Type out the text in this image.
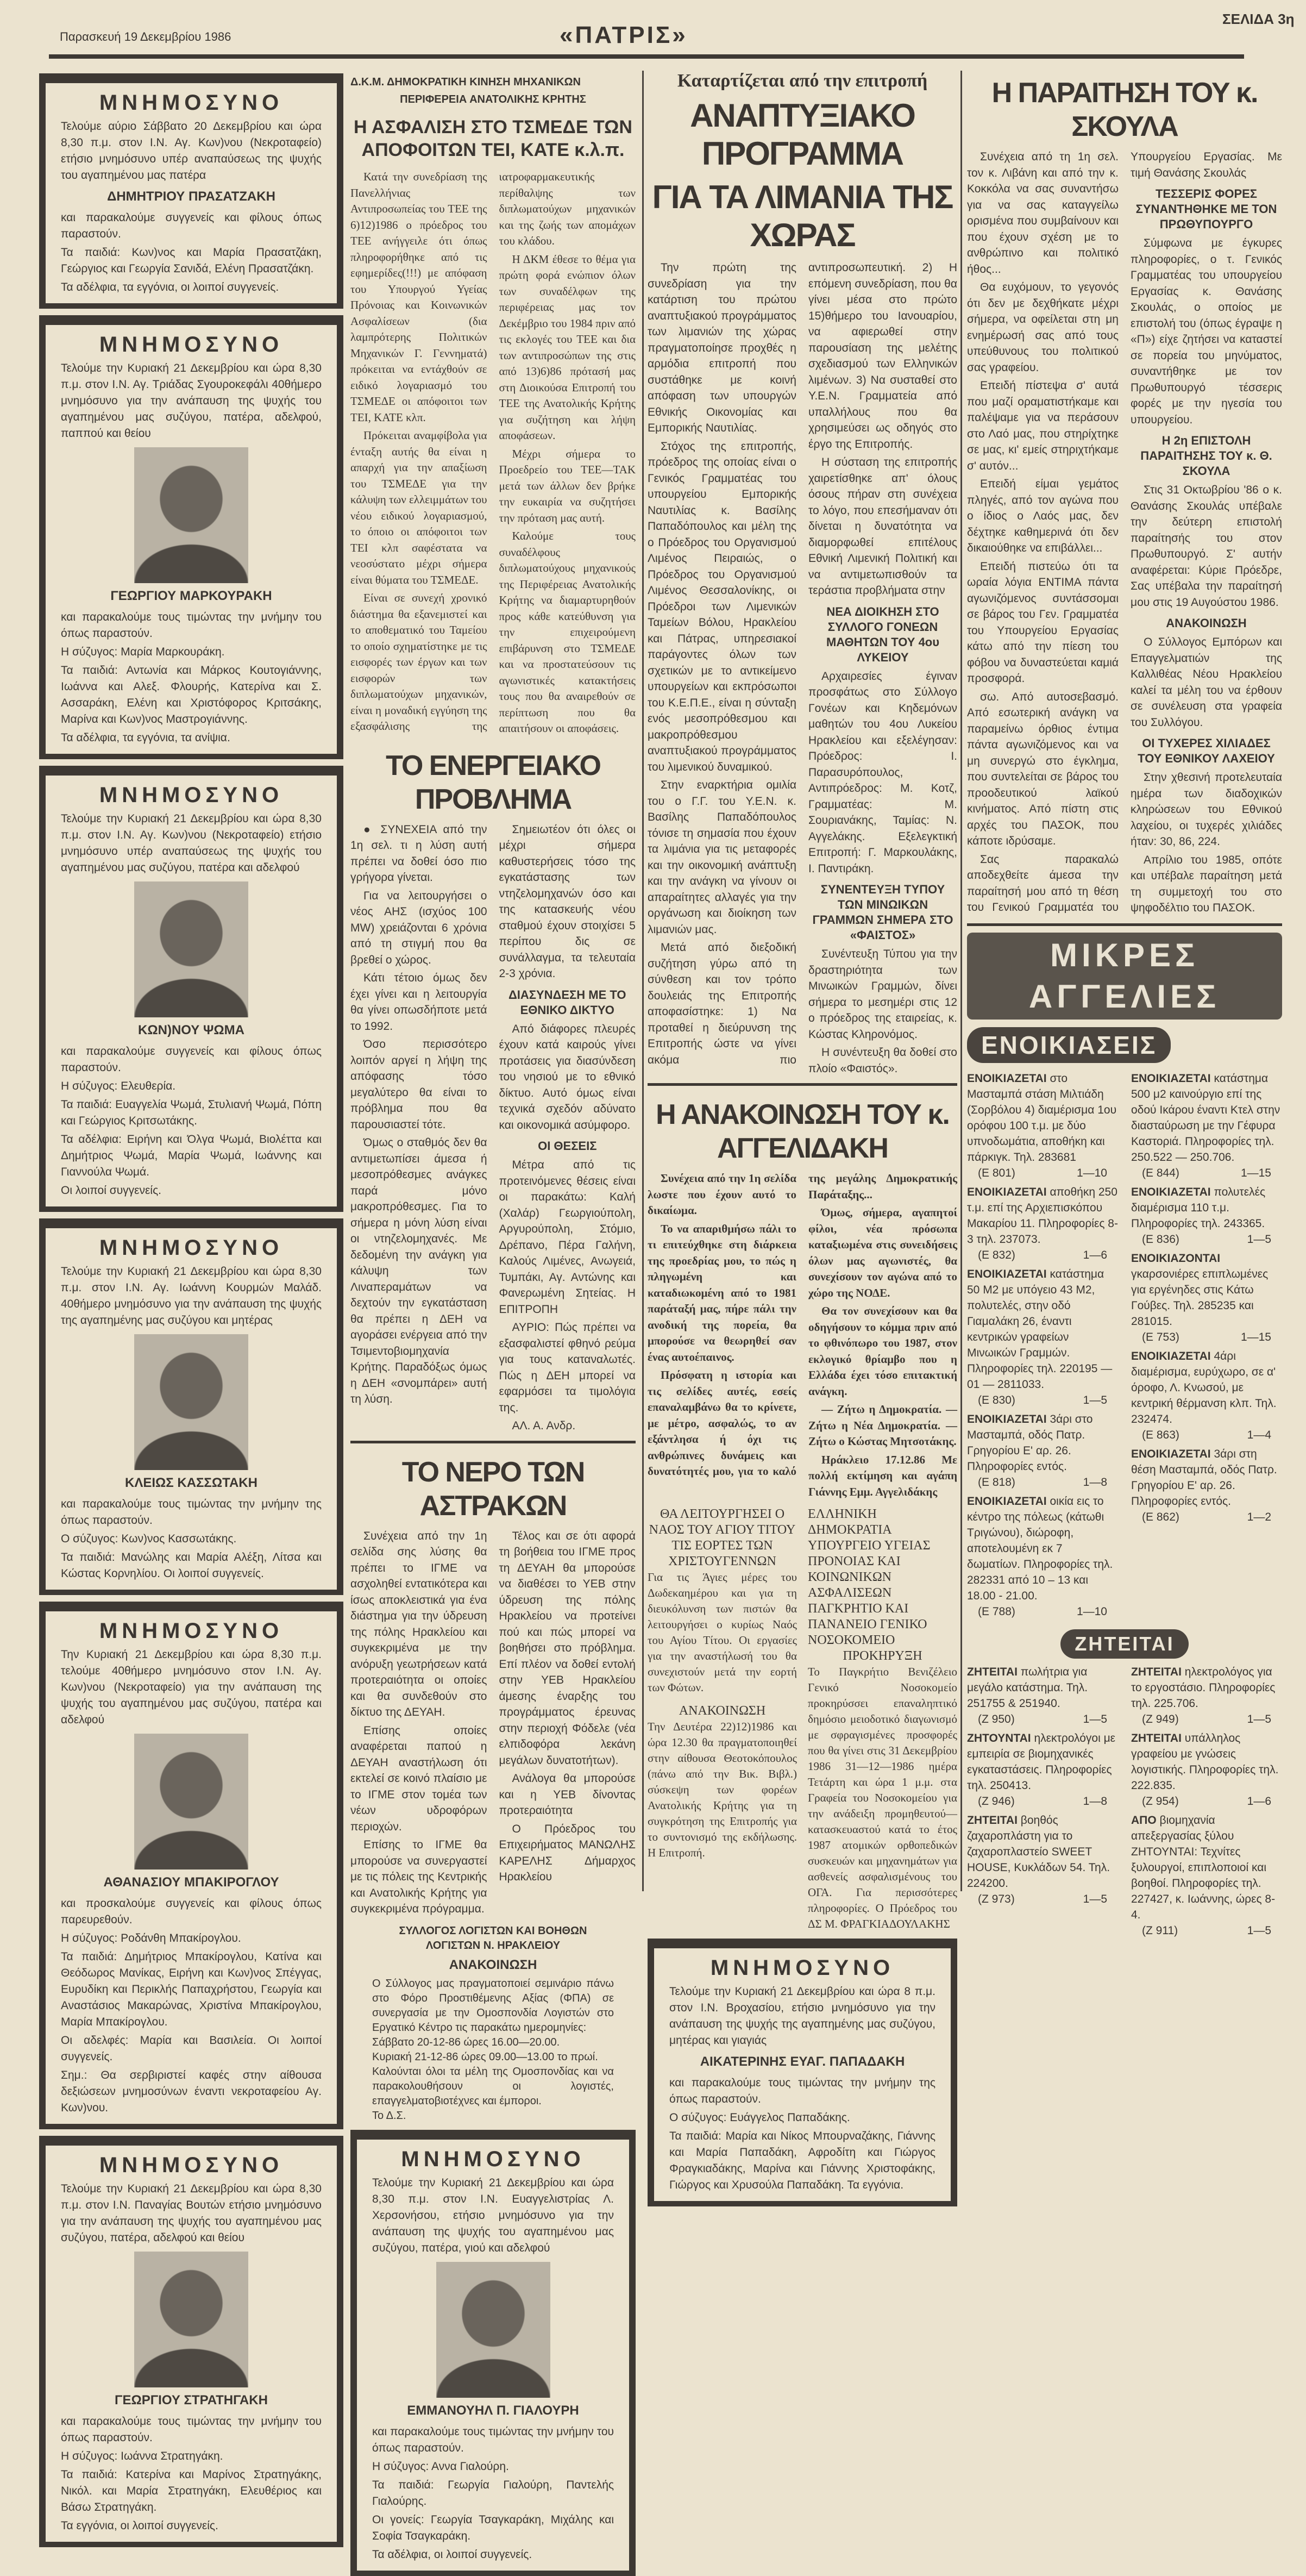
Παρασκευή 19 Δεκεμβρίου 1986	«ΠΑΤΡΙΣ»
ΣΕΛΙΔΑ 3η
ΜΝΗΜΟΣΥΝΟ

Τελούμε αύριο Σάββατο 20 Δεκεμβρίου και ώρα 8,30 π.μ. στον Ι.Ν. Αγ. Κων)νου (Νεκροταφείο) ετήσιο μνημόσυνο υπέρ αναπαύσεως της ψυχής του αγαπημένου μας πατέρα

ΔΗΜΗΤΡΙΟΥ ΠΡΑΣΑΤΖΑΚΗ

και παρακαλούμε συγγενείς και φίλους όπως παραστούν.

Τα παιδιά: Κων)νος και Μαρία Πρασατζάκη, Γεώργιος και Γεωργία Σανιδά, Ελένη Πρασατζάκη.

Τα αδέλφια, τα εγγόνια, οι λοιποί συγγενείς.

ΜΝΗΜΟΣΥΝΟ

Τελούμε την Κυριακή 21 Δεκεμβρίου και ώρα 8,30 π.μ. στον Ι.Ν. Αγ. Τριάδας Σγουροκεφάλι 40θήμερο μνημόσυνο για την ανάπαυση της ψυχής του αγαπημένου μας συζύγου, πατέρα, αδελφού, παππού και θείου

ΓΕΩΡΓΙΟΥ ΜΑΡΚΟΥΡΑΚΗ

και παρακαλούμε τους τιμώντας την μνήμην του όπως παραστούν.

Η σύζυγος: Μαρία Μαρκουράκη.

Τα παιδιά: Αντωνία και Μάρκος Κουτογιάννης, Ιωάννα και Αλεξ. Φλουρής, Κατερίνα και Σ. Ασσαράκη, Ελένη και Χριστόφορος Κριτσάκης, Μαρίνα και Κων)νος Μαστρογιάννης.

Τα αδέλφια, τα εγγόνια, τα ανίψια.

ΜΝΗΜΟΣΥΝΟ

Τελούμε την Κυριακή 21 Δεκεμβρίου και ώρα 8,30 π.μ. στον Ι.Ν. Αγ. Κων)νου (Νεκροταφείο) ετήσιο μνημόσυνο υπέρ αναπαύσεως της ψυχής του αγαπημένου μας συζύγου, πατέρα και αδελφού

ΚΩΝ)ΝΟΥ ΨΩΜΑ

και παρακαλούμε συγγενείς και φίλους όπως παραστούν.

Η σύζυγος: Ελευθερία.

Τα παιδιά: Ευαγγελία Ψωμά, Στυλιανή Ψωμά, Πόπη και Γεώργιος Κριτσωτάκης.

Τα αδέλφια: Ειρήνη και Όλγα Ψωμά, Βιολέττα και Δημήτριος Ψωμά, Μαρία Ψωμά, Ιωάννης και Γιαννούλα Ψωμά.

Οι λοιποί συγγενείς.

ΜΝΗΜΟΣΥΝΟ

Τελούμε την Κυριακή 21 Δεκεμβρίου και ώρα 8,30 π.μ. στον Ι.Ν. Αγ. Ιωάννη Κουρμών Μαλάδ. 40θήμερο μνημόσυνο για την ανάπαυση της ψυχής της αγαπημένης μας συζύγου και μητέρας

ΚΛΕΙΩΣ ΚΑΣΣΩΤΑΚΗ

και παρακαλούμε τους τιμώντας την μνήμην της όπως παραστούν.

Ο σύζυγος: Κων)νος Κασσωτάκης.

Τα παιδιά: Μανώλης και Μαρία Αλέξη, Λίτσα και Κώστας Κορνηλίου. Οι λοιποί συγγενείς.

ΜΝΗΜΟΣΥΝΟ

Την Κυριακή 21 Δεκεμβρίου και ώρα 8,30 π.μ. τελούμε 40θήμερο μνημόσυνο στον Ι.Ν. Αγ. Κων)νου (Νεκροταφείο) για την ανάπαυση της ψυχής του αγαπημένου μας συζύγου, πατέρα και αδελφού

ΑΘΑΝΑΣΙΟΥ ΜΠΑΚΙΡΟΓΛΟΥ

και προσκαλούμε συγγενείς και φίλους όπως παρευρεθούν.

Η σύζυγος: Ροδάνθη Μπακίρογλου.

Τα παιδιά: Δημήτριος Μπακίρογλου, Κατίνα και Θεόδωρος Μανίκας, Ειρήνη και Κων)νος Σπέγγας, Ευρυδίκη και Περικλής Παπαχρήστου, Γεωργία και Αναστάσιος Μακαρώνας, Χριστίνα Μπακίρογλου, Μαρία Μπακίρογλου.

Οι αδελφές: Μαρία και Βασιλεία. Οι λοιποί συγγενείς.

Σημ.: Θα σερβιριστεί καφές στην αίθουσα δεξιώσεων μνημοσύνων έναντι νεκροταφείου Αγ. Κων)νου.

ΜΝΗΜΟΣΥΝΟ

Τελούμε την Κυριακή 21 Δεκεμβρίου και ώρα 8,30 π.μ. στον Ι.Ν. Παναγίας Βουτών ετήσιο μνημόσυνο για την ανάπαυση της ψυχής του αγαπημένου μας συζύγου, πατέρα, αδελφού και θείου

ΓΕΩΡΓΙΟΥ ΣΤΡΑΤΗΓΑΚΗ

και παρακαλούμε τους τιμώντας την μνήμην του όπως παραστούν.

Η σύζυγος: Ιωάννα Στρατηγάκη.

Τα παιδιά: Κατερίνα και Μαρίνος Στρατηγάκης, Νικόλ. και Μαρία Στρατηγάκη, Ελευθέριος και Βάσω Στρατηγάκη.

Τα εγγόνια, οι λοιποί συγγενείς.

Δ.Κ.Μ. ΔΗΜΟΚΡΑΤΙΚΗ ΚΙΝΗΣΗ ΜΗΧΑΝΙΚΩΝ
ΠΕΡΙΦΕΡΕΙΑ ΑΝΑΤΟΛΙΚΗΣ ΚΡΗΤΗΣ
Η ΑΣΦΑΛΙΣΗ ΣΤΟ ΤΣΜΕΔΕ ΤΩΝ ΑΠΟΦΟΙΤΩΝ ΤΕΙ, ΚΑΤΕ κ.λ.π.

Κατά την συνεδρίαση της Πανελλήνιας Αντιπροσωπείας του ΤΕΕ της 6)12)1986 ο πρόεδρος του ΤΕΕ ανήγγειλε ότι όπως πληροφορήθηκε από τις εφημερίδες(!!!) με απόφαση του Υπουργού Υγείας Πρόνοιας και Κοινωνικών Ασφαλίσεων (δια λαμπρότερης Πολιτικών Μηχανικών Γ. Γεννηματά) πρόκειται να εντάχθούν σε ειδικό λογαριασμό του ΤΣΜΕΔΕ οι απόφοιτοι των ΤΕΙ, ΚΑΤΕ κλπ.

Πρόκειται αναμφίβολα για ένταξη αυτής θα είναι η απαρχή για την απαξίωση του ΤΣΜΕΔΕ για την κάλυψη των ελλειμμάτων του νέου ειδικού λογαριασμού, το όποιο οι απόφοιτοι των ΤΕΙ κλπ σαφέστατα να νεοσύστατο μέχρι σήμερα είναι θύματα του ΤΣΜΕΔΕ.

Είναι σε συνεχή χρονικό διάστημα θα εξανεμιστεί και το αποθεματικό του Ταμείου το οποίο σχηματίστηκε με τις εισφορές των έργων και των εισφορών των διπλωματούχων μηχανικών, είναι η μοναδική εγγύηση της εξασφάλισης της ιατροφαρμακευτικής περίθαλψης των διπλωματούχων μηχανικών και της ζωής των απομάχων του κλάδου.

Η ΔΚΜ έθεσε το θέμα για πρώτη φορά ενώπιον όλων των συναδέλφων της περιφέρειας μας τον Δεκέμβριο του 1984 πριν από τις εκλογές του ΤΕΕ και δια των αντιπροσώπων της στις από 13)6)86 πρότασή μας στη Διοικούσα Επιτροπή του ΤΕΕ της Ανατολικής Κρήτης για συζήτηση και λήψη αποφάσεων.

Μέχρι σήμερα το Προεδρείο του ΤΕΕ—ΤΑΚ μετά των άλλων δεν βρήκε την ευκαιρία να συζητήσει την πρόταση μας αυτή.

Καλούμε τους συναδέλφους διπλωματούχους μηχανικούς της Περιφέρειας Ανατολικής Κρήτης να διαμαρτυρηθούν προς κάθε κατεύθυνση για την επιχειρούμενη επιβάρυνση στο ΤΣΜΕΔΕ και να προστατεύσουν τις αγωνιστικές κατακτήσεις τους που θα αναιρεθούν σε περίπτωση που θα απαιτήσουν οι αποφάσεις.

ΤΟ ΕΝΕΡΓΕΙΑΚΟ ΠΡΟΒΛΗΜΑ

● ΣΥΝΕΧΕΙΑ από την 1η σελ. τι η λύση αυτή πρέπει να δοθεί όσο πιο γρήγορα γίνεται.

Για να λειτουργήσει ο νέος ΑΗΣ (ισχύος 100 MW) χρειάζονται 6 χρόνια από τη στιγμή που θα βρεθεί ο χώρος.

Κάτι τέτοιο όμως δεν έχει γίνει και η λειτουργία θα γίνει οπωσδήποτε μετά το 1992.

Όσο περισσότερο λοιπόν αργεί η λήψη της απόφασης τόσο μεγαλύτερο θα είναι το πρόβλημα που θα παρουσιαστεί τότε.

Όμως ο σταθμός δεν θα αντιμετωπίσει άμεσα ή μεσοπρόθεσμες ανάγκες παρά μόνο μακροπρόθεσμες. Για το σήμερα η μόνη λύση είναι οι ντηζελομηχανές. Με δεδομένη την ανάγκη για κάλυψη των Λιναπεραμάτων να δεχτούν την εγκατάσταση θα πρέπει η ΔΕΗ να αγοράσει ενέργεια από την Τσιμεντοβιομηχανία Κρήτης. Παραδόξως όμως η ΔΕΗ «σνομπάρει» αυτή τη λύση.

Σημειωτέον ότι όλες οι μέχρι σήμερα καθυστερήσεις τόσο της εγκατάστασης των ντηζελομηχανών όσο και της κατασκευής νέου σταθμού έχουν στοιχίσει 5 περίπου δις σε συνάλλαγμα, τα τελευταία 2-3 χρόνια.

ΔΙΑΣΥΝΔΕΣΗ ΜΕ ΤΟ ΕΘΝΙΚΟ ΔΙΚΤΥΟ

Από διάφορες πλευρές έχουν κατά καιρούς γίνει προτάσεις για διασύνδεση του νησιού με το εθνικό δίκτυο. Αυτό όμως είναι τεχνικά σχεδόν αδύνατο και οικονομικά ασύμφορο.

ΟΙ ΘΕΣΕΙΣ

Μέτρα από τις προτεινόμενες θέσεις είναι οι παρακάτω: Καλή (Χαλάρ) Γεωργιούπολη, Αργυρούπολη, Στόμιο, Δρέπανο, Πέρα Γαλήνη, Καλούς Λιμένες, Ανωγειά, Τυμπάκι, Αγ. Αντώνης και Φανερωμένη Σητείας. Η ΕΠΙΤΡΟΠΗ

ΑΥΡΙΟ: Πώς πρέπει να εξασφαλιστεί φθηνό ρεύμα για τους καταναλωτές. Πώς η ΔΕΗ μπορεί να εφαρμόσει τα τιμολόγια της.

ΑΛ. Α. Ανδρ.

ΤΟ ΝΕΡΟ ΤΩΝ ΑΣΤΡΑΚΩΝ

Συνέχεια από την 1η σελίδα σης λύσης θα πρέπει το ΙΓΜΕ να ασχοληθεί εντατικότερα και ίσως αποκλειστικά για ένα διάστημα για την ύδρευση της πόλης Ηρακλείου και συγκεκριμένα με την ανόρυξη γεωτρήσεων κατά προτεραιότητα οι οποίες και θα συνδεθούν στο δίκτυο της ΔΕΥΑΗ.

Επίσης οποίες αναφέρεται παπού η ΔΕΥΑΗ αναστήλωση ότι εκτελεί σε κοινό πλαίσιο με το ΙΓΜΕ στον τομέα των νέων υδροφόρων περιοχών.

Επίσης το ΙΓΜΕ θα μπορούσε να συνεργαστεί με τις πόλεις της Κεντρικής και Ανατολικής Κρήτης για συγκεκριμένα πρόγραμμα.

Τέλος και σε ότι αφορά τη βοήθεια του ΙΓΜΕ προς τη ΔΕΥΑΗ θα μπορούσε να διαθέσει το ΥΕΒ στην ύδρευση της πόλης Ηρακλείου να προτείνει πού και πώς μπορεί να βοηθήσει στο πρόβλημα. Επί πλέον να δοθεί εντολή στην ΥΕΒ Ηρακλείου άμεσης έναρξης του προγράμματος έρευνας στην περιοχή Φόδελε (νέα ελπιδοφόρα λεκάνη μεγάλων δυνατοτήτων).

Ανάλογα θα μπορούσε και η ΥΕΒ δίνοντας προτεραιότητα

Ο Πρόεδρος του Επιχειρήματος ΜΑΝΩΛΗΣ ΚΑΡΕΛΗΣ Δήμαρχος Ηρακλείου

ΣΥΛΛΟΓΟΣ ΛΟΓΙΣΤΩΝ ΚΑΙ ΒΟΗΘΩΝ ΛΟΓΙΣΤΩΝ Ν. ΗΡΑΚΛΕΙΟΥ
ΑΝΑΚΟΙΝΩΣΗ
Ο Σύλλογος μας πραγματοποιεί σεμινάριο πάνω στο Φόρο Προστιθέμενης Αξίας (ΦΠΑ) σε συνεργασία με την Ομοσπονδία Λογιστών στο Εργατικό Κέντρο τις παρακάτω ημερομηνίες:
Σάββατο 20-12-86 ώρες 16.00—20.00.
Κυριακή 21-12-86 ώρες 09.00—13.00 το πρωί.
Καλούνται όλοι τα μέλη της Ομοσπονδίας και να παρακολουθήσουν οι λογιστές, επαγγελματοβιοτέχνες και έμποροι.
Το Δ.Σ.
ΜΝΗΜΟΣΥΝΟ

Τελούμε την Κυριακή 21 Δεκεμβρίου και ώρα 8,30 π.μ. στον Ι.Ν. Ευαγγελιστρίας Λ. Χερσονήσου, ετήσιο μνημόσυνο για την ανάπαυση της ψυχής του αγαπημένου μας συζύγου, πατέρα, γιού και αδελφού

ΕΜΜΑΝΟΥΗΛ Π. ΓΙΑΛΟΥΡΗ

και παρακαλούμε τους τιμώντας την μνήμην του όπως παραστούν.

Η σύζυγος: Αννα Γιαλούρη.

Τα παιδιά: Γεωργία Γιαλούρη, Παντελής Γιαλούρης.

Οι γονείς: Γεωργία Τσαγκαράκη, Μιχάλης και Σοφία Τσαγκαράκη.

Τα αδέλφια, οι λοιποί συγγενείς.

Καταρτίζεται από την επιτροπή
ΑΝΑΠΤΥΞΙΑΚΟ ΠΡΟΓΡΑΜΜΑ
ΓΙΑ ΤΑ ΛΙΜΑΝΙΑ ΤΗΣ ΧΩΡΑΣ

Την πρώτη της συνεδρίαση για την κατάρτιση του πρώτου αναπτυξιακού προγράμματος των λιμανιών της χώρας πραγματοποίησε προχθές η αρμόδια επιτροπή που συστάθηκε με κοινή απόφαση των υπουργών Εθνικής Οικονομίας και Εμπορικής Ναυτιλίας.

Στόχος της επιτροπής, πρόεδρος της οποίας είναι ο Γενικός Γραμματέας του υπουργείου Εμπορικής Ναυτιλίας κ. Βασίλης Παπαδόπουλος και μέλη της ο Πρόεδρος του Οργανισμού Λιμένος Πειραιώς, ο Πρόεδρος του Οργανισμού Λιμένος Θεσσαλονίκης, οι Πρόεδροι των Λιμενικών Ταμείων Βόλου, Ηρακλείου και Πάτρας, υπηρεσιακοί παράγοντες όλων των σχετικών με το αντικείμενο υπουργείων και εκπρόσωποι του Κ.Ε.Π.Ε., είναι η σύνταξη ενός μεσοπρόθεσμου και μακροπρόθεσμου αναπτυξιακού προγράμματος του λιμενικού δυναμικού.

Στην εναρκτήρια ομιλία του ο Γ.Γ. του Υ.Ε.Ν. κ. Βασίλης Παπαδόπουλος τόνισε τη σημασία που έχουν τα λιμάνια για τις μεταφορές και την οικονομική ανάπτυξη και την ανάγκη να γίνουν οι απαραίτητες αλλαγές για την οργάνωση και διοίκηση των λιμανιών μας.

Μετά από διεξοδική συζήτηση γύρω από τη σύνθεση και τον τρόπο δουλειάς της Επιτροπής αποφασίστηκε: 1) Να προταθεί η διεύρυνση της Επιτροπής ώστε να γίνει ακόμα πιο αντιπροσωπευτική. 2) Η επόμενη συνεδρίαση, που θα γίνει μέσα στο πρώτο 15)θήμερο του Ιανουαρίου, να αφιερωθεί στην παρουσίαση της μελέτης σχεδιασμού των Ελληνικών λιμένων. 3) Να συσταθεί στο Υ.Ε.Ν. Γραμματεία από υπαλλήλους που θα χρησιμεύσει ως οδηγός στο έργο της Επιτροπής.

Η σύσταση της επιτροπής χαιρετίσθηκε απ' όλους όσους πήραν στη συνέχεια το λόγο, που επεσήμαναν ότι δίνεται η δυνατότητα να διαμορφωθεί επιτέλους Εθνική Λιμενική Πολιτική και να αντιμετωπισθούν τα τεράστια προβλήματα στην

ΝΕΑ ΔΙΟΙΚΗΣΗ ΣΤΟ ΣΥΛΛΟΓΟ ΓΟΝΕΩΝ ΜΑΘΗΤΩΝ ΤΟΥ 4ου ΛΥΚΕΙΟΥ

Αρχαιρεσίες έγιναν προσφάτως στο Σύλλογο Γονέων και Κηδεμόνων μαθητών του 4ου Λυκείου Ηρακλείου και εξελέγησαν: Πρόεδρος: Ι. Παρασυρόπουλος, Αντιπρόεδρος: Μ. Κοτζ, Γραμματέας: Μ. Σουριανάκης, Ταμίας: Ν. Αγγελάκης. Εξελεγκτική Επιτροπή: Γ. Μαρκουλάκης, Ι. Παντιράκη.

ΣΥΝΕΝΤΕΥΞΗ ΤΥΠΟΥ ΤΩΝ ΜΙΝΩΙΚΩΝ ΓΡΑΜΜΩΝ ΣΗΜΕΡΑ ΣΤΟ «ΦΑΙΣΤΟΣ»

Συνέντευξη Τύπου για την δραστηριότητα των Μινωικών Γραμμών, δίνει σήμερα το μεσημέρι στις 12 ο πρόεδρος της εταιρείας, κ. Κώστας Κληρονόμος.

Η συνέντευξη θα δοθεί στο πλοίο «Φαιστός».

Η ΑΝΑΚΟΙΝΩΣΗ ΤΟΥ κ. ΑΓΓΕΛΙΔΑΚΗ

Συνέχεια από την 1η σελίδα λωστε που έχουν αυτό το δικαίωμα.

Το να απαριθμήσω πάλι το τι επιτεύχθηκε στη διάρκεια της προεδρίας μου, το πώς η πληγωμένη και καταδιωκομένη από το 1981 παράταξή μας, πήρε πάλι την ανοδική της πορεία, θα μπορούσε να θεωρηθεί σαν ένας αυτοέπαινος.

Πρόσφατη η ιστορία και τις σελίδες αυτές, εσείς επαναλαμβάνω θα το κρίνετε, με μέτρο, ασφαλώς, το αν εξάντλησα ή όχι τις ανθρώπινες δυνάμεις και δυνατότητές μου, για το καλό της μεγάλης Δημοκρατικής Παράταξης...

Όμως, σήμερα, αγαπητοί φίλοι, νέα πρόσωπα καταξιωμένα στις συνειδήσεις όλων μας αγωνιστές, θα συνεχίσουν τον αγώνα από το χώρο της ΝΟΔΕ.

Θα τον συνεχίσουν και θα οδηγήσουν το κόμμα πριν από το φθινόπωρο του 1987, στον εκλογικό θρίαμβο που η Ελλάδα έχει τόσο επιτακτική ανάγκη.

— Ζήτω η Δημοκρατία. — Ζήτω η Νέα Δημοκρατία. — Ζήτω ο Κώστας Μητσοτάκης.

Ηράκλειο 17.12.86 Με πολλή εκτίμηση και αγάπη Γιάννης Εμμ. Αγγελιδάκης

ΘΑ ΛΕΙΤΟΥΡΓΗΣΕΙ Ο ΝΑΟΣ ΤΟΥ ΑΓΙΟΥ ΤΙΤΟΥ ΤΙΣ ΕΟΡΤΕΣ ΤΩΝ ΧΡΙΣΤΟΥΓΕΝΝΩΝ
Για τις Άγιες μέρες του Δωδεκαημέρου και για τη διευκόλυνση των πιστών θα λειτουργήσει ο κυρίως Ναός του Αγίου Τίτου. Οι εργασίες για την αναστήλωσή του θα συνεχιστούν μετά την εορτή των Φώτων.
ΑΝΑΚΟΙΝΩΣΗ
Την Δευτέρα 22)12)1986 και ώρα 12.30 θα πραγματοποιηθεί στην αίθουσα Θεοτοκόπουλος (πάνω από την Βικ. Βιβλ.) σύσκεψη των φορέων Ανατολικής Κρήτης για τη συγκρότηση της Επιτροπής για το συντονισμό της εκδήλωσης. Η Επιτροπή.
ΕΛΛΗΝΙΚΗ ΔΗΜΟΚΡΑΤΙΑ ΥΠΟΥΡΓΕΙΟ ΥΓΕΙΑΣ ΠΡΟΝΟΙΑΣ ΚΑΙ ΚΟΙΝΩΝΙΚΩΝ ΑΣΦΑΛΙΣΕΩΝ ΠΑΓΚΡΗΤΙΟ ΚΑΙ ΠΑΝΑΝΕΙΟ ΓΕΝΙΚΟ ΝΟΣΟΚΟΜΕΙΟ
ΠΡΟΚΗΡΥΞΗ
Το Παγκρήτιο Βενιζέλειο Γενικό Νοσοκομείο προκηρύσσει επαναληπτικό δημόσιο μειοδοτικό διαγωνισμό με σφραγισμένες προσφορές που θα γίνει στις 31 Δεκεμβρίου 1986 31—12—1986 ημέρα Τετάρτη και ώρα 1 μ.μ. στα Γραφεία του Νοσοκομείου για την ανάδειξη προμηθευτού—κατασκευαστού κατά το έτος 1987 ατομικών ορθοπεδικών συσκευών και μηχανημάτων για ασθενείς ασφαλισμένους του ΟΓΑ. Για περισσότερες πληροφορίες. Ο Πρόεδρος του ΔΣ Μ. ΦΡΑΓΚΙΑΔΟΥΛΑΚΗΣ
ΜΝΗΜΟΣΥΝΟ

Τελούμε την Κυριακή 21 Δεκεμβρίου και ώρα 8 π.μ. στον Ι.Ν. Βροχασίου, ετήσιο μνημόσυνο για την ανάπαυση της ψυχής της αγαπημένης μας συζύγου, μητέρας και γιαγιάς

ΑΙΚΑΤΕΡΙΝΗΣ ΕΥΑΓ. ΠΑΠΑΔΑΚΗ

και παρακαλούμε τους τιμώντας την μνήμην της όπως παραστούν.

Ο σύζυγος: Ευάγγελος Παπαδάκης.

Τα παιδιά: Μαρία και Νίκος Μπουρναζάκης, Γιάννης και Μαρία Παπαδάκη, Αφροδίτη και Γιώργος Φραγκιαδάκης, Μαρίνα και Γιάννης Χριστοφάκης, Γιώργος και Χρυσούλα Παπαδάκη. Τα εγγόνια.

Η ΠΑΡΑΙΤΗΣΗ ΤΟΥ κ. ΣΚΟΥΛΑ

Συνέχεια από τη 1η σελ. τον κ. Λιβάνη και από την κ. Κοκκόλα να σας συναντήσω για να σας καταγγείλω ορισμένα που συμβαίνουν και που έχουν σχέση με το ανθρώπινο και πολιτικό ήθος...

Θα ευχόμουν, το γεγονός ότι δεν με δεχθήκατε μέχρι σήμερα, να οφείλεται στη μη ενημέρωσή σας από τους υπεύθυνους του πολιτικού σας γραφείου.

Επειδή πίστεψα σ' αυτά που μαζί οραματιστήκαμε και παλέψαμε για να περάσουν στο Λαό μας, που στηρίχτηκε σε μας, κι' εμείς στηριχτήκαμε σ' αυτόν...

Επειδή είμαι γεμάτος πληγές, από τον αγώνα που ο ίδιος ο Λαός μας, δεν δέχτηκε καθημερινά ότι δεν δικαιούθηκε να επιβάλλει...

Επειδή πιστεύω ότι τα ωραία λόγια ΕΝΤΙΜΑ πάντα αγωνιζόμενος συντάσσομαι σε βάρος του Γεν. Γραμματέα του Υπουργείου Εργασίας κάτω από την πίεση του φόβου να δυναστεύεται καμιά προσφορά.

σω. Από αυτοσεβασμό. Από εσωτερική ανάγκη να παραμείνω όρθιος έντιμα πάντα αγωνιζόμενος και να μη συνεργώ στο έγκλημα, που συντελείται σε βάρος του προοδευτικού λαϊκού κινήματος. Από πίστη στις αρχές του ΠΑΣΟΚ, που κάποτε ιδρύσαμε.

Σας παρακαλώ αποδεχθείτε άμεσα την παραίτησή μου από τη θέση του Γενικού Γραμματέα του Υπουργείου Εργασίας. Με τιμή Θανάσης Σκουλάς

ΤΕΣΣΕΡΙΣ ΦΟΡΕΣ ΣΥΝΑΝΤΗΘΗΚΕ ΜΕ ΤΟΝ ΠΡΩΘΥΠΟΥΡΓΟ

Σύμφωνα με έγκυρες πληροφορίες, ο τ. Γενικός Γραμματέας του υπουργείου Εργασίας κ. Θανάσης Σκουλάς, ο οποίος με επιστολή του (όπως έγραψε η «Π») είχε ζητήσει να καταστεί σε πορεία του μηνύματος, συναντήθηκε με τον Πρωθυπουργό τέσσερις φορές με την ηγεσία του υπουργείου.

Η 2η ΕΠΙΣΤΟΛΗ ΠΑΡΑΙΤΗΣΗΣ ΤΟΥ κ. Θ. ΣΚΟΥΛΑ

Στις 31 Οκτωβρίου '86 ο κ. Θανάσης Σκουλάς υπέβαλε την δεύτερη επιστολή παραίτησής του στον Πρωθυπουργό. Σ' αυτήν αναφέρεται: Κύριε Πρόεδρε, Σας υπέβαλα την παραίτησή μου στις 19 Αυγούστου 1986.

ΑΝΑΚΟΙΝΩΣΗ

Ο Σύλλογος Εμπόρων και Επαγγελματιών της Καλλιθέας Νέου Ηρακλείου καλεί τα μέλη του να έρθουν σε συνέλευση στα γραφεία του Συλλόγου.

ΟΙ ΤΥΧΕΡΕΣ ΧΙΛΙΑΔΕΣ ΤΟΥ ΕΘΝΙΚΟΥ ΛΑΧΕΙΟΥ

Στην χθεσινή προτελευταία ημέρα των διαδοχικών κληρώσεων του Εθνικού λαχείου, οι τυχερές χιλιάδες ήταν: 30, 86, 224.

Απρίλιο του 1985, οπότε και υπέβαλε παραίτηση μετά τη συμμετοχή του στο ψηφοδέλτιο του ΠΑΣΟΚ.

ΜΙΚΡΕΣ ΑΓΓΕΛΙΕΣ
ΕΝΟΙΚΙΑΣΕΙΣ
ΕΝΟΙΚΙΑΖΕΤΑΙ στο Μασταμπά στάση Μιλτιάδη (Σορβόλου 4) διαμέρισμα 1ου ορόφου 100 τ.μ. με δύο υπνοδωμάτια, αποθήκη και πάρκιγκ. Τηλ. 283681
(Ε 801)	1—10
ΕΝΟΙΚΙΑΖΕΤΑΙ αποθήκη 250 τ.μ. επί της Αρχιεπισκόπου Μακαρίου 11. Πληροφορίες 8-3 τηλ. 237073.
(Ε 832)	1—6
ΕΝΟΙΚΙΑΖΕΤΑΙ κατάστημα 50 Μ2 με υπόγειο 43 Μ2, πολυτελές, στην οδό Γιαμαλάκη 26, έναντι κεντρικών γραφείων Μινωικών Γραμμών. Πληροφορίες τηλ. 220195 — 01 — 2811033.
(Ε 830)	1—5
ΕΝΟΙΚΙΑΖΕΤΑΙ 3άρι στο Μασταμπά, οδός Πατρ. Γρηγορίου Ε' αρ. 26. Πληροφορίες εντός.
(Ε 818)	1—8
ΕΝΟΙΚΙΑΖΕΤΑΙ οικία εις το κέντρο της πόλεως (κάτωθι Τριγώνου), διώροφη, αποτελουμένη εκ 7 δωματίων. Πληροφορίες τηλ. 282331 από 10 – 13 και 18.00 - 21.00.
(Ε 788)	1—10
ΕΝΟΙΚΙΑΖΕΤΑΙ κατάστημα 500 μ2 καινούργιο επί της οδού Ικάρου έναντι Κτελ στην διασταύρωση με την Γέφυρα Καστοριά. Πληροφορίες τηλ. 250.522 — 250.706.
(Ε 844)	1—15
ΕΝΟΙΚΙΑΖΕΤΑΙ πολυτελές διαμέρισμα 110 τ.μ. Πληροφορίες τηλ. 243365.
(Ε 836)	1—5
ΕΝΟΙΚΙΑΖΟΝΤΑΙ γκαρσονιέρες επιπλωμένες για εργένηδες στις Κάτω Γούβες. Τηλ. 285235 και 281015.
(Ε 753)	1—15
ΕΝΟΙΚΙΑΖΕΤΑΙ 4άρι διαμέρισμα, ευρύχωρο, σε α' όροφο, Λ. Κνωσού, με κεντρική θέρμανση κλπ. Τηλ. 232474.
(Ε 863)	1—4
ΕΝΟΙΚΙΑΖΕΤΑΙ 3άρι στη θέση Μασταμπά, οδός Πατρ. Γρηγορίου Ε' αρ. 26. Πληροφορίες εντός.
(Ε 862)	1—2
ΖΗΤΕΙΤΑΙ
ΖΗΤΕΙΤΑΙ πωλήτρια για μεγάλο κατάστημα. Τηλ. 251755 & 251940.
(Ζ 950)	1—5
ΖΗΤΟΥΝΤΑΙ ηλεκτρολόγοι με εμπειρία σε βιομηχανικές εγκαταστάσεις. Πληροφορίες τηλ. 250413.
(Ζ 946)	1—8
ΖΗΤΕΙΤΑΙ βοηθός ζαχαροπλάστη για το ζαχαροπλαστείο SWEET HOUSE, Κυκλάδων 54. Τηλ. 224200.
(Ζ 973)	1—5
ΖΗΤΕΙΤΑΙ ηλεκτρολόγος για το εργοστάσιο. Πληροφορίες τηλ. 225.706.
(Ζ 949)	1—5
ΖΗΤΕΙΤΑΙ υπάλληλος γραφείου με γνώσεις λογιστικής. Πληροφορίες τηλ. 222.835.
(Ζ 954)	1—6
ΑΠΟ βιομηχανία απεξεργασίας ξύλου ΖΗΤΟΥΝΤΑΙ: Τεχνίτες ξυλουργοί, επιπλοποιοί και βοηθοί. Πληροφορίες τηλ. 227427, κ. Ιωάννης, ώρες 8-4.
(Ζ 911)	1—5
